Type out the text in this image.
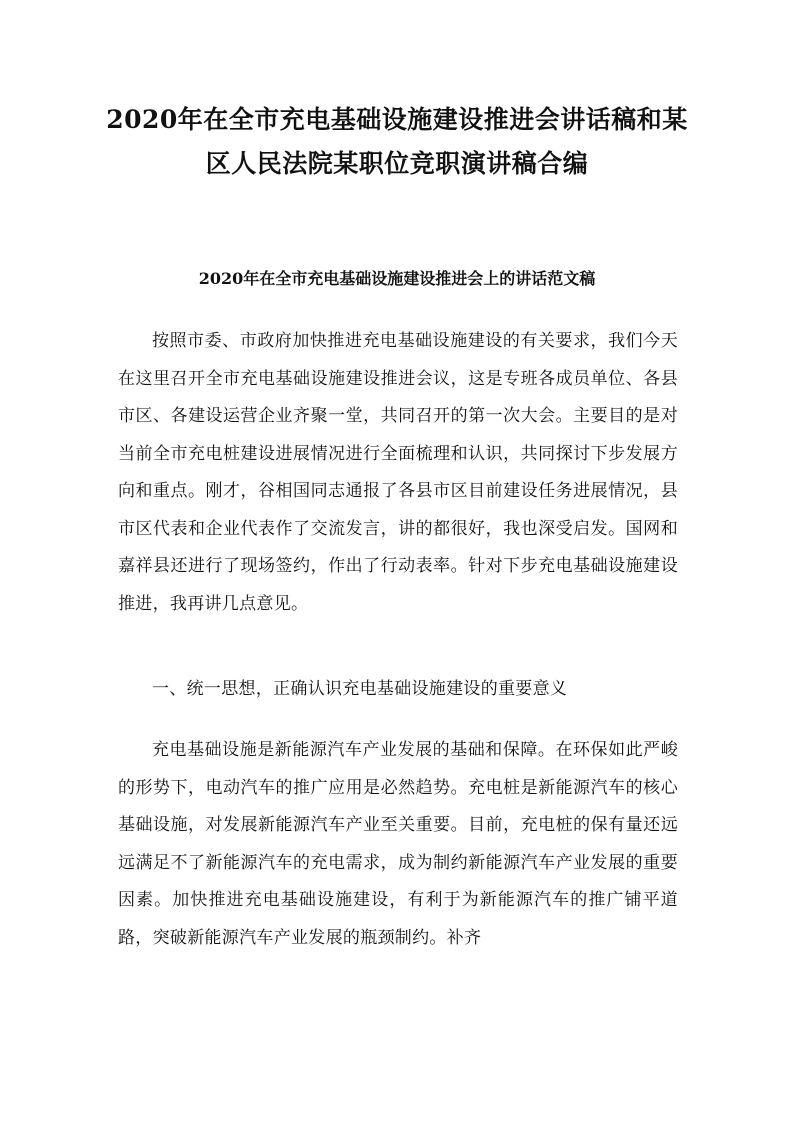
2020年在全市充电基础设施建设推进会讲话稿和某
区人民法院某职位竞职演讲稿合编
2020年在全市充电基础设施建设推进会上的讲话范文稿

按照市委、市政府加快推进充电基础设施建设的有关要求，我们今天在这里召开全市充电基础设施建设推进会议，这是专班各成员单位、各县市区、各建设运营企业齐聚一堂，共同召开的第一次大会。主要目的是对当前全市充电桩建设进展情况进行全面梳理和认识，共同探讨下步发展方向和重点。刚才，谷相国同志通报了各县市区目前建设任务进展情况，县市区代表和企业代表作了交流发言，讲的都很好，我也深受启发。国网和嘉祥县还进行了现场签约，作出了行动表率。针对下步充电基础设施建设推进，我再讲几点意见。

一、统一思想，正确认识充电基础设施建设的重要意义

充电基础设施是新能源汽车产业发展的基础和保障。在环保如此严峻的形势下，电动汽车的推广应用是必然趋势。充电桩是新能源汽车的核心基础设施，对发展新能源汽车产业至关重要。目前，充电桩的保有量还远远满足不了新能源汽车的充电需求，成为制约新能源汽车产业发展的重要因素。加快推进充电基础设施建设，有利于为新能源汽车的推广铺平道路，突破新能源汽车产业发展的瓶颈制约。补齐
